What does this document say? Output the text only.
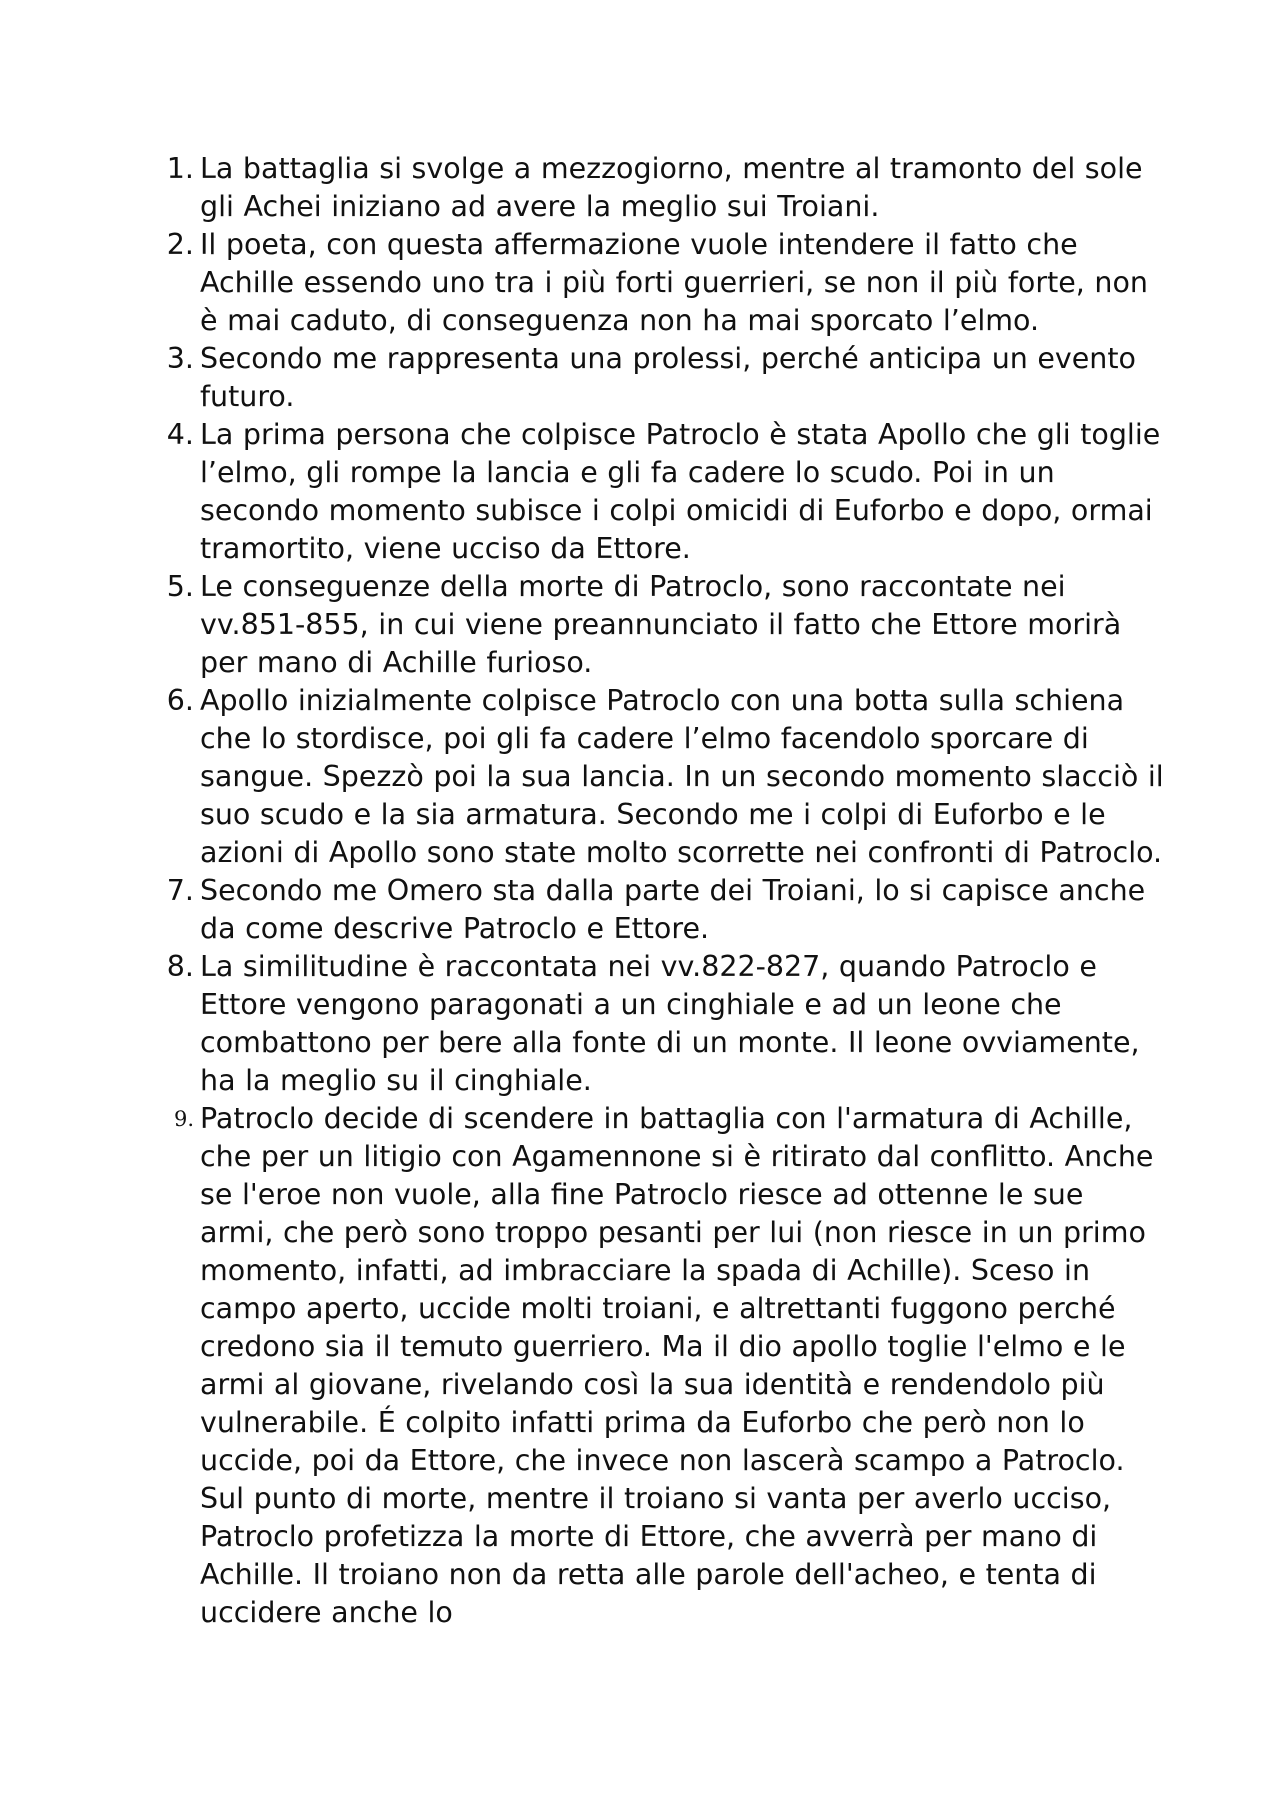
1. La battaglia si svolge a mezzogiorno, mentre al tramonto del sole gli Achei iniziano ad avere la meglio sui Troiani.
2. Il poeta, con questa affermazione vuole intendere il fatto che Achille essendo uno tra i più forti guerrieri, se non il più forte, non è mai caduto, di conseguenza non ha mai sporcato l’elmo.
3. Secondo me rappresenta una prolessi, perché anticipa un evento futuro.
4. La prima persona che colpisce Patroclo è stata Apollo che gli toglie l’elmo, gli rompe la lancia e gli fa cadere lo scudo. Poi in un secondo momento subisce i colpi omicidi di Euforbo e dopo, ormai tramortito, viene ucciso da Ettore.
5. Le conseguenze della morte di Patroclo, sono raccontate nei vv.851-855, in cui viene preannunciato il fatto che Ettore morirà per mano di Achille furioso.
6. Apollo inizialmente colpisce Patroclo con una botta sulla schiena che lo stordisce, poi gli fa cadere l’elmo facendolo sporcare di sangue. Spezzò poi la sua lancia. In un secondo momento slacciò il suo scudo e la sia armatura. Secondo me i colpi di Euforbo e le azioni di Apollo sono state molto scorrette nei confronti di Patroclo.
7. Secondo me Omero sta dalla parte dei Troiani, lo si capisce anche da come descrive Patroclo e Ettore.
8. La similitudine è raccontata nei vv.822-827, quando Patroclo e Ettore vengono paragonati a un cinghiale e ad un leone che combattono per bere alla fonte di un monte. Il leone ovviamente, ha la meglio su il cinghiale.
9. Patroclo decide di scendere in battaglia con l'armatura di Achille, che per un litigio con Agamennone si è ritirato dal conflitto. Anche se l'eroe non vuole, alla fine Patroclo riesce ad ottenne le sue armi, che però sono troppo pesanti per lui (non riesce in un primo momento, infatti, ad imbracciare la spada di Achille). Sceso in campo aperto, uccide molti troiani, e altrettanti fuggono perché credono sia il temuto guerriero. Ma il dio apollo toglie l'elmo e le armi al giovane, rivelando così la sua identità e rendendolo più vulnerabile. É colpito infatti prima da Euforbo che però non lo uccide, poi da Ettore, che invece non lascerà scampo a Patroclo. Sul punto di morte, mentre il troiano si vanta per averlo ucciso, Patroclo profetizza la morte di Ettore, che avverrà per mano di Achille. Il troiano non da retta alle parole dell'acheo, e tenta di uccidere anche lo
